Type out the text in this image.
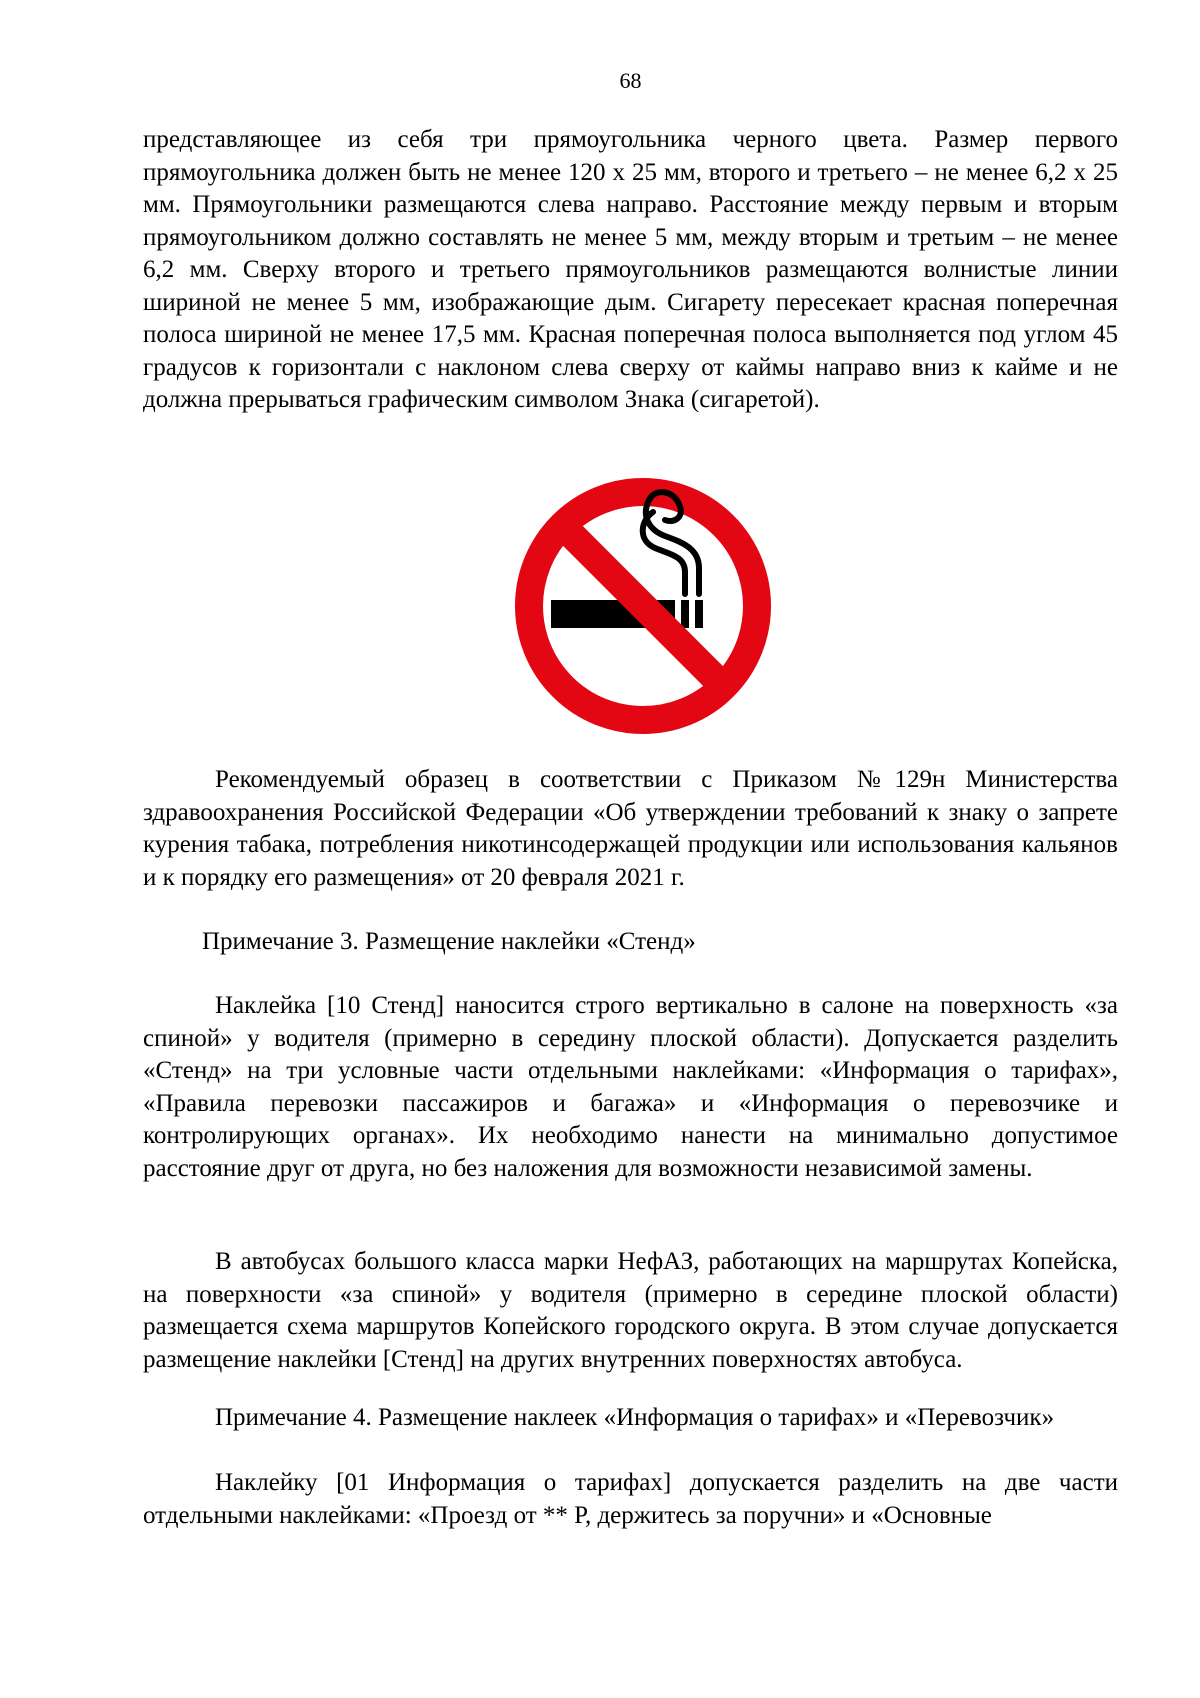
68

представляющее из себя три прямоугольника черного цвета. Размер первого прямоугольника должен быть не менее 120 x 25 мм, второго и третьего – не менее 6,2 x 25 мм. Прямоугольники размещаются слева направо. Расстояние между первым и вторым прямоугольником должно составлять не менее 5 мм, между вторым и третьим – не менее 6,2 мм. Сверху второго и третьего прямоугольников размещаются волнистые линии шириной не менее 5 мм, изображающие дым. Сигарету пересекает красная поперечная полоса шириной не менее 17,5 мм. Красная поперечная полоса выполняется под углом 45 градусов к горизонтали с наклоном слева сверху от каймы направо вниз к кайме и не должна прерываться графическим символом Знака (сигаретой).

Рекомендуемый образец в соответствии с Приказом №129н Министерства здравоохранения Российской Федерации «Об утверждении требований к знаку о запрете курения табака, потребления никотинсодержащей продукции или использования кальянов и к порядку его размещения» от 20 февраля 2021 г.

Примечание 3. Размещение наклейки «Стенд»

Наклейка [10 Стенд] наносится строго вертикально в салоне на поверхность «за спиной» у водителя (примерно в середину плоской области). Допускается разделить «Стенд» на три условные части отдельными наклейками: «Информация о тарифах», «Правила перевозки пассажиров и багажа» и «Информация о перевозчике и контролирующих органах». Их необходимо нанести на минимально допустимое расстояние друг от друга, но без наложения для возможности независимой замены.

В автобусах большого класса марки НефАЗ, работающих на маршрутах Копейска, на поверхности «за спиной» у водителя (примерно в середине плоской области) размещается схема маршрутов Копейского городского округа. В этом случае допускается размещение наклейки [Стенд] на других внутренних поверхностях автобуса.

Примечание 4. Размещение наклеек «Информация о тарифах» и «Перевозчик»

Наклейку [01 Информация о тарифах] допускается разделить на две части отдельными наклейками: «Проезд от ** Р, держитесь за поручни» и «Основные
